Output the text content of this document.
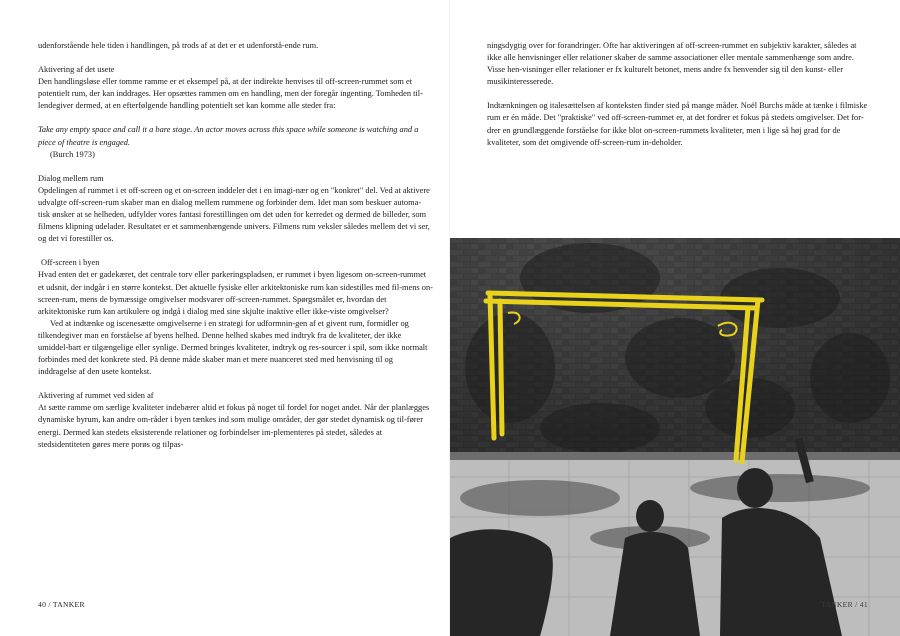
udenforstående hele tiden i handlingen, på trods af at det er et udenforstå-ende rum.

Aktivering af det usete

Den handlingsløse eller tomme ramme er et eksempel på, at der indirekte henvises til off-screen-rummet som et potentielt rum, der kan inddrages. Her opsættes rammen om en handling, men der foregår ingenting. Tomheden til-lendegiver dermed, at en efterfølgende handling potentielt set kan komme alle steder fra:

Take any empty space and call it a bare stage. An actor moves across this space while someone is watching and a piece of theatre is engaged.

(Burch 1973)

Dialog mellem rum

Opdelingen af rummet i et off-screen og et on-screen inddeler det i en imagi-nær og en "konkret" del. Ved at aktivere udvalgte off-screen-rum skaber man en dialog mellem rummene og forbinder dem. Idet man som beskuer automa-tisk ønsker at se helheden, udfylder vores fantasi forestillingen om det uden for kerredet og dermed de billeder, som filmens klipning udelader. Resultatet er et sammenhængende univers. Filmens rum veksler således mellem det vi ser, og det vi forestiller os.

Off-screen i byen

Hvad enten det er gadekæret, det centrale torv eller parkeringspladsen, er rummet i byen ligesom on-screen-rummet et udsnit, der indgår i en større kontekst. Det aktuelle fysiske eller arkitektoniske rum kan sidestilles med fil-mens on-screen-rum, mens de bymæssige omgivelser modsvarer off-screen-rummet. Spørgsmålet er, hvordan det arkitektoniske rum kan artikulere og indgå i dialog med sine skjulte inaktive eller ikke-viste omgivelser?

Ved at indtænke og iscenesætte omgivelserne i en strategi for udformnin-gen af et givent rum, formidler og tilkendegiver man en forståelse af byens helhed. Denne helhed skabes med indtryk fra de kvaliteter, der ikke umiddel-bart er tilgængelige eller synlige. Dermed bringes kvaliteter, indtryk og res-sourcer i spil, som ikke normalt forbindes med det konkrete sted. På denne måde skaber man et mere nuanceret sted med henvisning til og inddragelse af den usete kontekst.

Aktivering af rummet ved siden af

At sætte ramme om særlige kvaliteter indebærer altid et fokus på noget til fordel for noget andet. Når der planlægges dynamiske byrum, kan andre om-råder i byen tænkes ind som mulige områder, der gør stedet dynamisk og til-fører energi. Dermed kan stedets eksisterende relationer og forbindelser im-plementeres på stedet, således at stedsidentiteten gøres mere porøs og tilpas-

ningsdygtig over for forandringer. Ofte har aktiveringen af off-screen-rummet en subjektiv karakter, således at ikke alle henvisninger eller relationer skaber de samme associationer eller mentale sammenhænge som andre. Visse hen-visninger eller relationer er fx kulturelt betonet, mens andre fx henvender sig til den kunst- eller musikinteresserede.

Indtænkningen og italesættelsen af konteksten finder sted på mange måder. Noël Burchs måde at tænke i filmiske rum er én måde. Det "praktiske" ved off-screen-rummet er, at det fordrer et fokus på stedets omgivelser. Det for-drer en grundlæggende forståelse for ikke blot on-screen-rummets kvaliteter, men i lige så høj grad for de kvaliteter, som det omgivende off-screen-rum in-deholder.

40 / TANKER	TANKER / 41
